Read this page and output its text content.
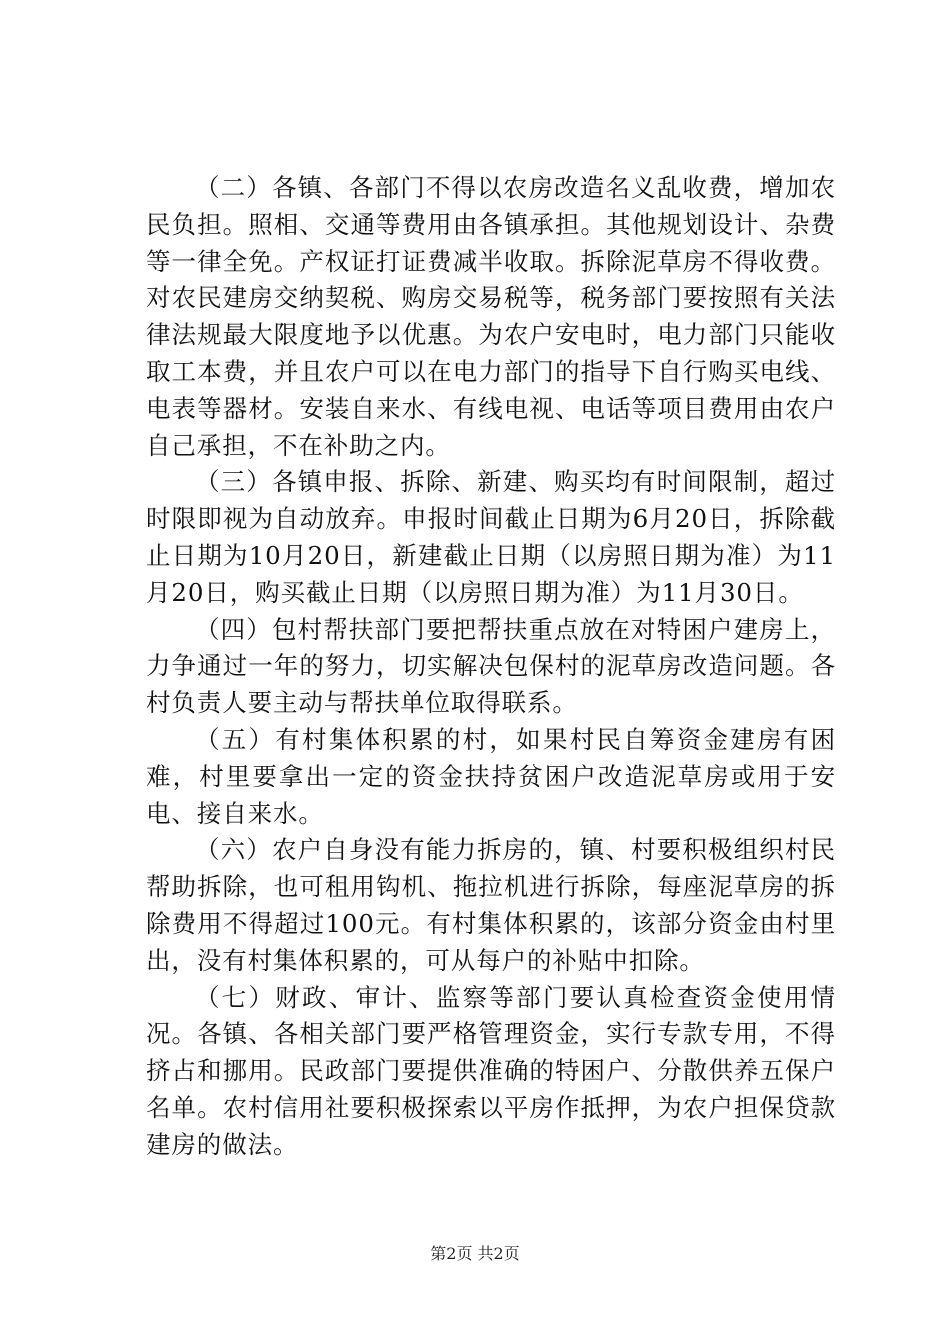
（二）各镇、各部门不得以农房改造名义乱收费，增加农民负担。照相、交通等费用由各镇承担。其他规划设计、杂费等一律全免。产权证打证费减半收取。拆除泥草房不得收费。对农民建房交纳契税、购房交易税等，税务部门要按照有关法律法规最大限度地予以优惠。为农户安电时，电力部门只能收取工本费，并且农户可以在电力部门的指导下自行购买电线、电表等器材。安装自来水、有线电视、电话等项目费用由农户自己承担，不在补助之内。

（三）各镇申报、拆除、新建、购买均有时间限制，超过时限即视为自动放弃。申报时间截止日期为6月20日，拆除截止日期为10月20日，新建截止日期（以房照日期为准）为11月20日，购买截止日期（以房照日期为准）为11月30日。

（四）包村帮扶部门要把帮扶重点放在对特困户建房上，力争通过一年的努力，切实解决包保村的泥草房改造问题。各村负责人要主动与帮扶单位取得联系。

（五）有村集体积累的村，如果村民自筹资金建房有困难，村里要拿出一定的资金扶持贫困户改造泥草房或用于安电、接自来水。

（六）农户自身没有能力拆房的，镇、村要积极组织村民帮助拆除，也可租用钩机、拖拉机进行拆除，每座泥草房的拆除费用不得超过100元。有村集体积累的，该部分资金由村里出，没有村集体积累的，可从每户的补贴中扣除。

（七）财政、审计、监察等部门要认真检查资金使用情况。各镇、各相关部门要严格管理资金，实行专款专用，不得挤占和挪用。民政部门要提供准确的特困户、分散供养五保户名单。农村信用社要积极探索以平房作抵押，为农户担保贷款建房的做法。

第2页 共2页
